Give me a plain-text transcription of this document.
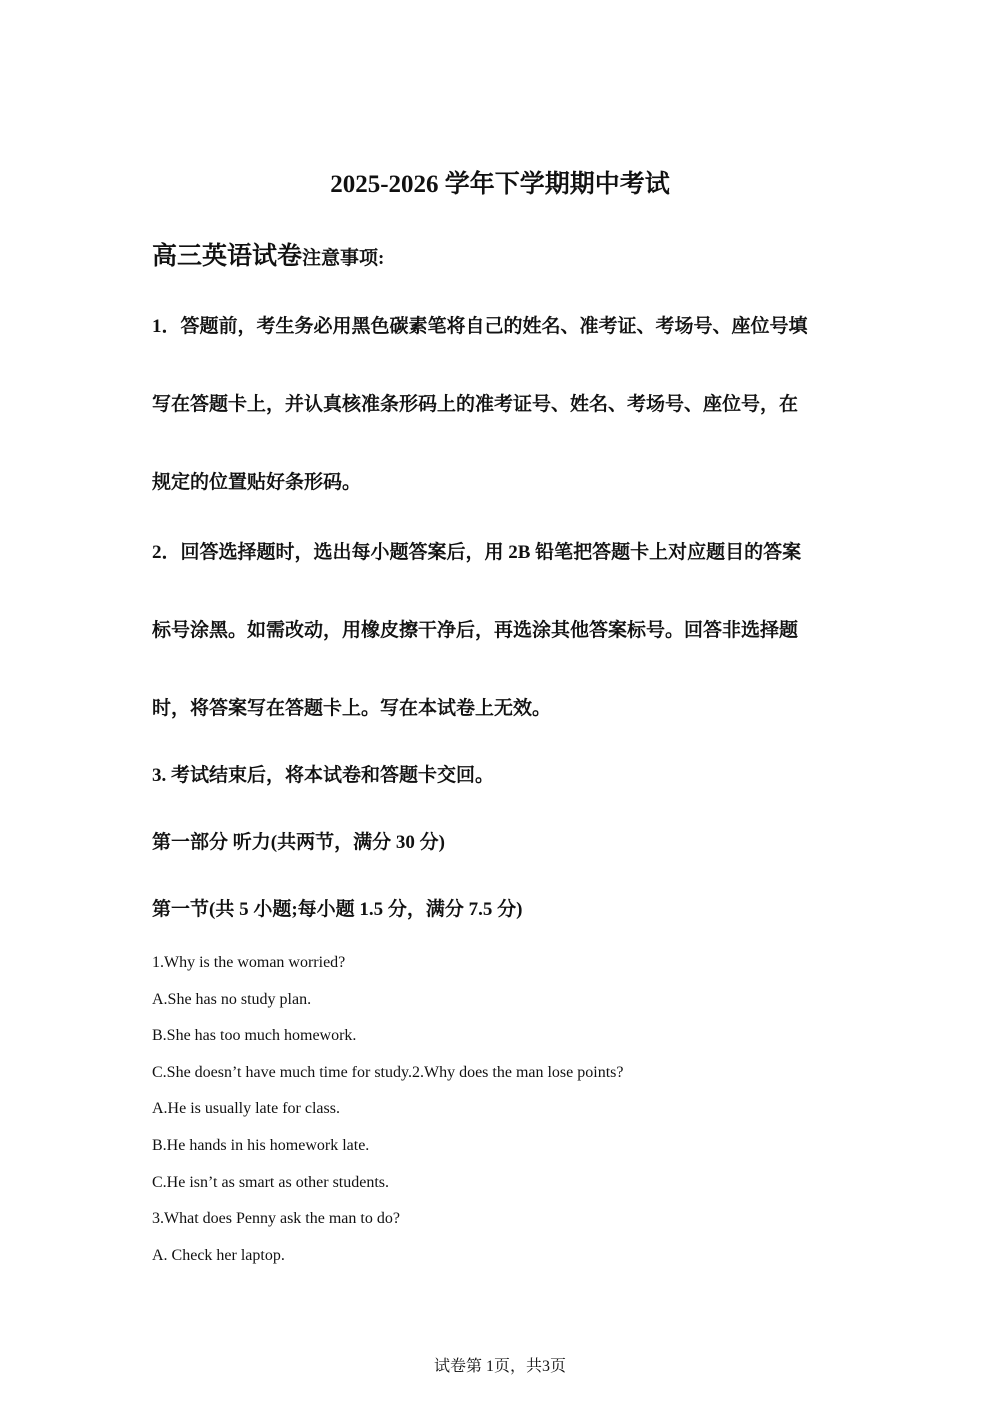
2025-2026 学年下学期期中考试
高三英语试卷注意事项:
1．答题前，考生务必用黑色碳素笔将自己的姓名、准考证、考场号、座位号填
写在答题卡上，并认真核准条形码上的准考证号、姓名、考场号、座位号，在
规定的位置贴好条形码。
2．回答选择题时，选出每小题答案后，用 2B 铅笔把答题卡上对应题目的答案
标号涂黑。如需改动，用橡皮擦干净后，再选涂其他答案标号。回答非选择题
时，将答案写在答题卡上。写在本试卷上无效。
3. 考试结束后，将本试卷和答题卡交回。
第一部分 听力(共两节，满分 30 分)
第一节(共 5 小题;每小题 1.5 分，满分 7.5 分)
1.Why is the woman worried?
A.She has no study plan.
B.She has too much homework.
C.She doesn’t have much time for study.2.Why does the man lose points?
A.He is usually late for class.
B.He hands in his homework late.
C.He isn’t as smart as other students.
3.What does Penny ask the man to do?
A. Check her laptop.
试卷第 1页，共3页
